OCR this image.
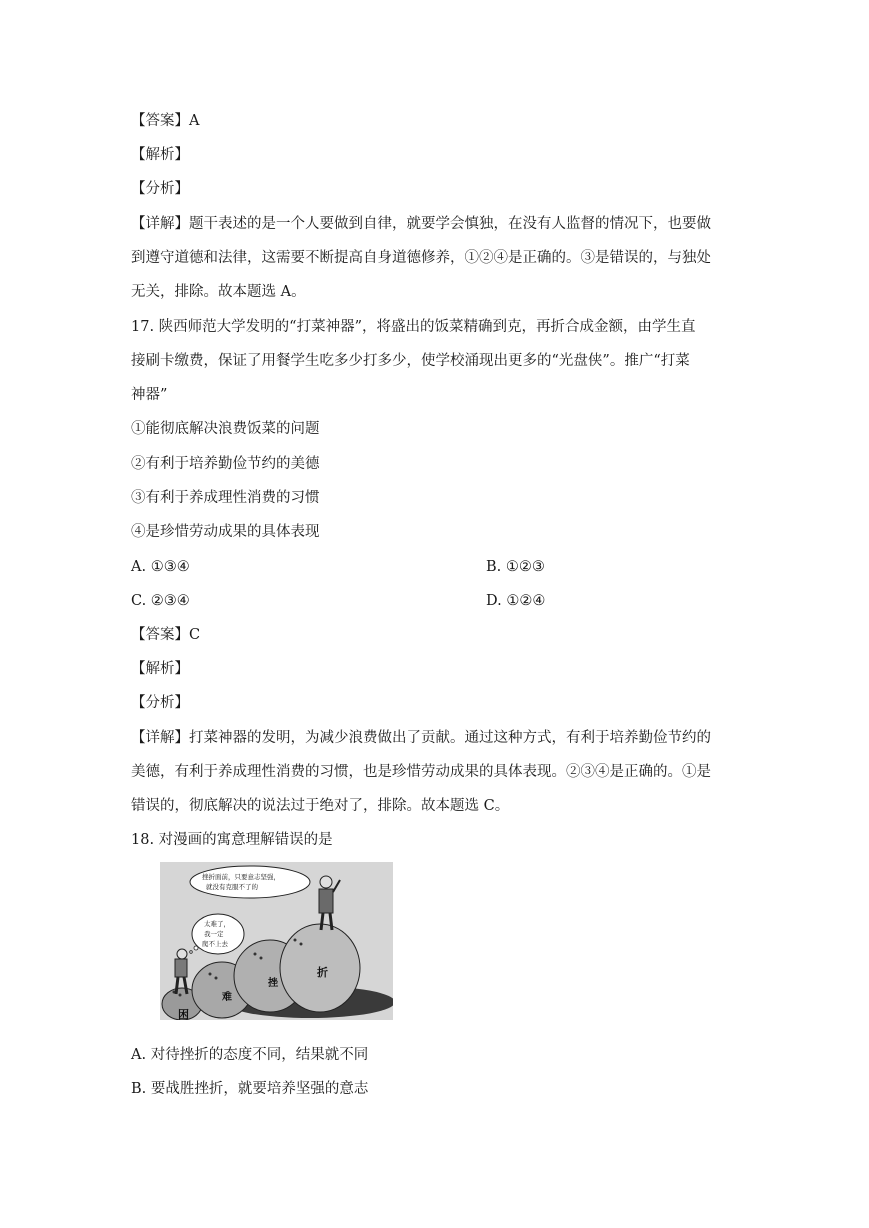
【答案】A
【解析】
【分析】
【详解】题干表述的是一个人要做到自律，就要学会慎独，在没有人监督的情况下，也要做
到遵守道德和法律，这需要不断提高自身道德修养，①②④是正确的。③是错误的，与独处
无关，排除。故本题选 A。
17. 陕西师范大学发明的“打菜神器”，将盛出的饭菜精确到克，再折合成金额，由学生直
接刷卡缴费，保证了用餐学生吃多少打多少，使学校涌现出更多的“光盘侠”。推广“打菜
神器”
①能彻底解决浪费饭菜的问题
②有利于培养勤俭节约的美德
③有利于养成理性消费的习惯
④是珍惜劳动成果的具体表现
A. ①③④	B. ①②③
C. ②③④	D. ①②④
【答案】C
【解析】
【分析】
【详解】打菜神器的发明，为减少浪费做出了贡献。通过这种方式，有利于培养勤俭节约的
美德，有利于养成理性消费的习惯，也是珍惜劳动成果的具体表现。②③④是正确的。①是
错误的，彻底解决的说法过于绝对了，排除。故本题选 C。
18. 对漫画的寓意理解错误的是
困
难
挫
折
挫折面前，只要意志坚强，
就没有克服不了的
太难了，
我一定
爬不上去
A. 对待挫折的态度不同，结果就不同
B. 要战胜挫折，就要培养坚强的意志
